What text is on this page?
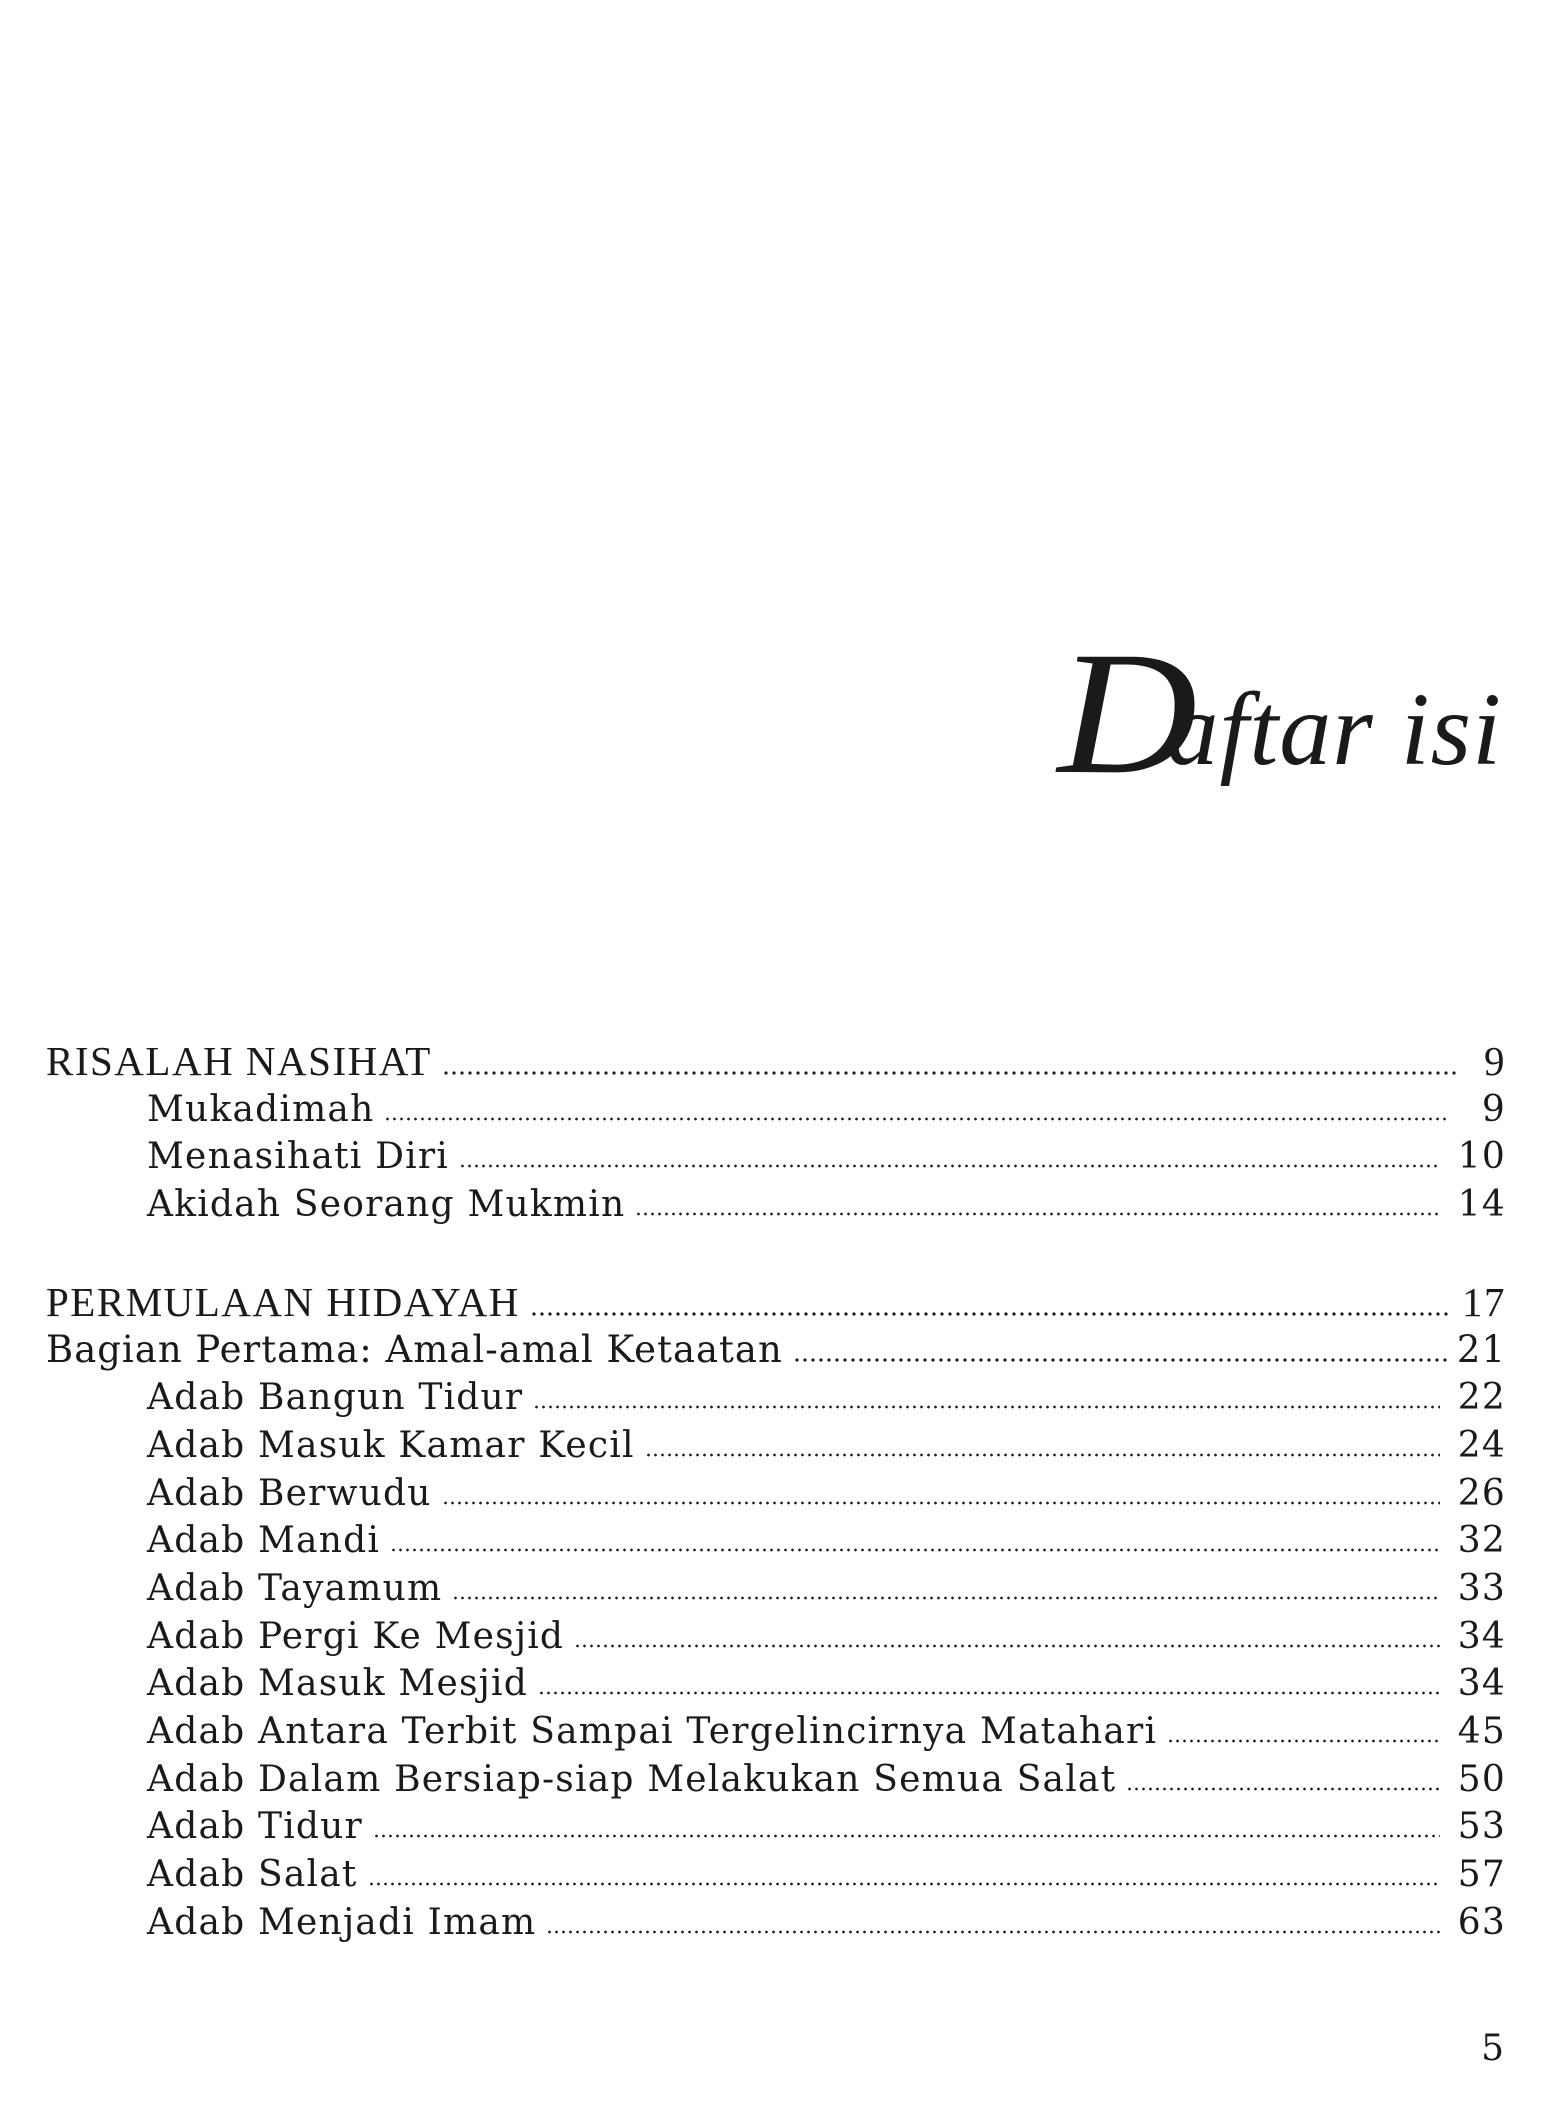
Daftar isi
RISALAH NASIHAT	9
Mukadimah	9
Menasihati Diri	10
Akidah Seorang Mukmin	14
PERMULAAN HIDAYAH	17
Bagian Pertama: Amal-amal Ketaatan	21
Adab Bangun Tidur	22
Adab Masuk Kamar Kecil	24
Adab Berwudu	26
Adab Mandi	32
Adab Tayamum	33
Adab Pergi Ke Mesjid	34
Adab Masuk Mesjid	34
Adab Antara Terbit Sampai Tergelincirnya Matahari	45
Adab Dalam Bersiap-siap Melakukan Semua Salat	50
Adab Tidur	53
Adab Salat	57
Adab Menjadi Imam	63
5
